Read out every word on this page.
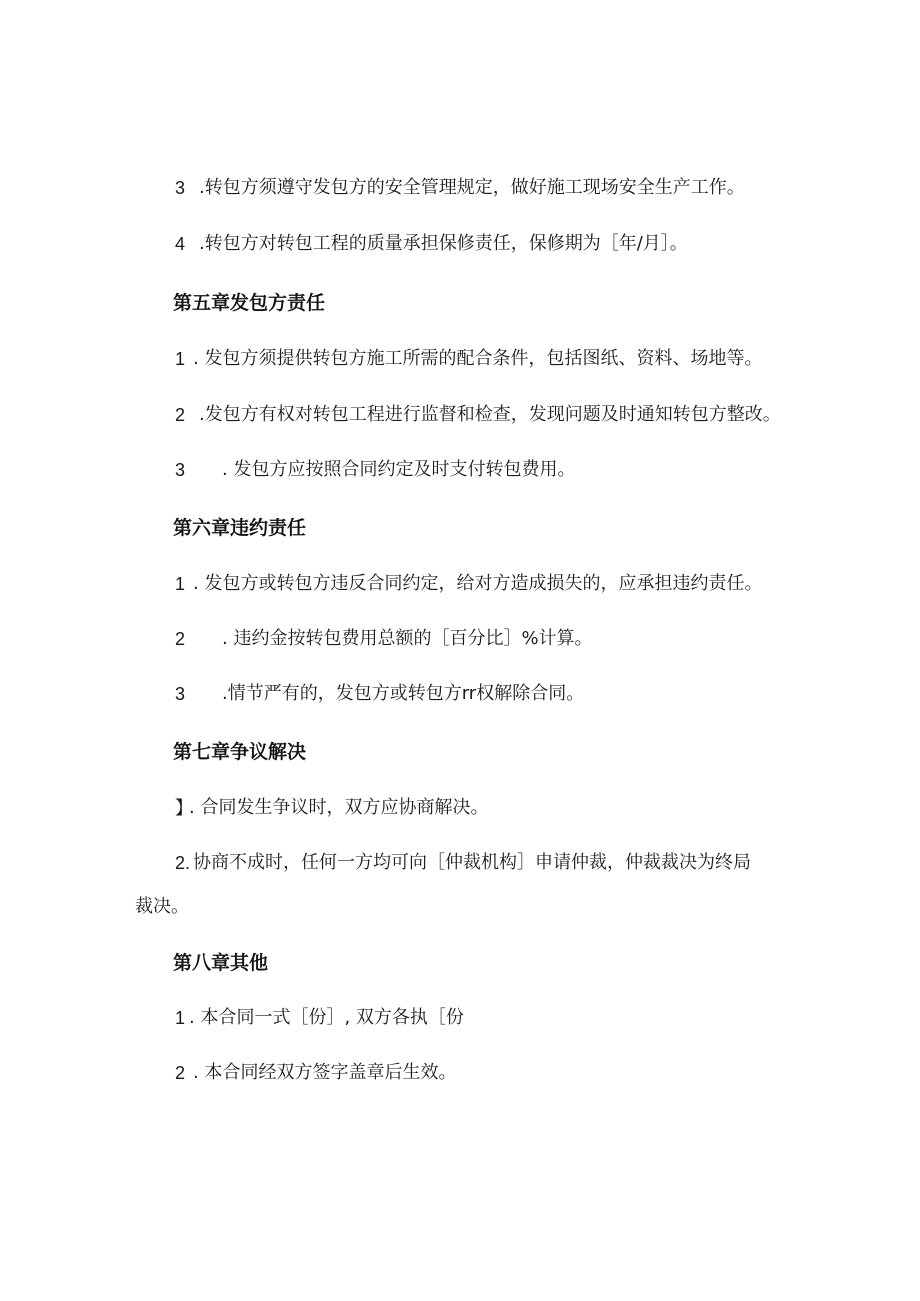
3 .转包方须遵守发包方的安全管理规定，做好施工现场安全生产工作。
4 .转包方对转包工程的质量承担保修责任，保修期为［年/月］。
第五章发包方责任
1 . 发包方须提供转包方施工所需的配合条件，包括图纸、资料、场地等。
2 .发包方有权对转包工程进行监督和检查，发现问题及时通知转包方整改。
3 . 发包方应按照合同约定及时支付转包费用。
第六章违约责任
1 . 发包方或转包方违反合同约定，给对方造成损失的，应承担违约责任。
2 . 违约金按转包费用总额的［百分比］%计算。
3 .情节严有的，发包方或转包方rr权解除合同。
第七章争议解决
】
. 合同发生争议时，双方应协商解决。
2. 协商不成时，任何一方均可向［仲裁机构］申请仲裁，仲裁裁决为终局
裁决。
第八章其他
1 . 本合同一式［份］, 双方各执［份
2 . 本合同经双方签字盖章后生效。
